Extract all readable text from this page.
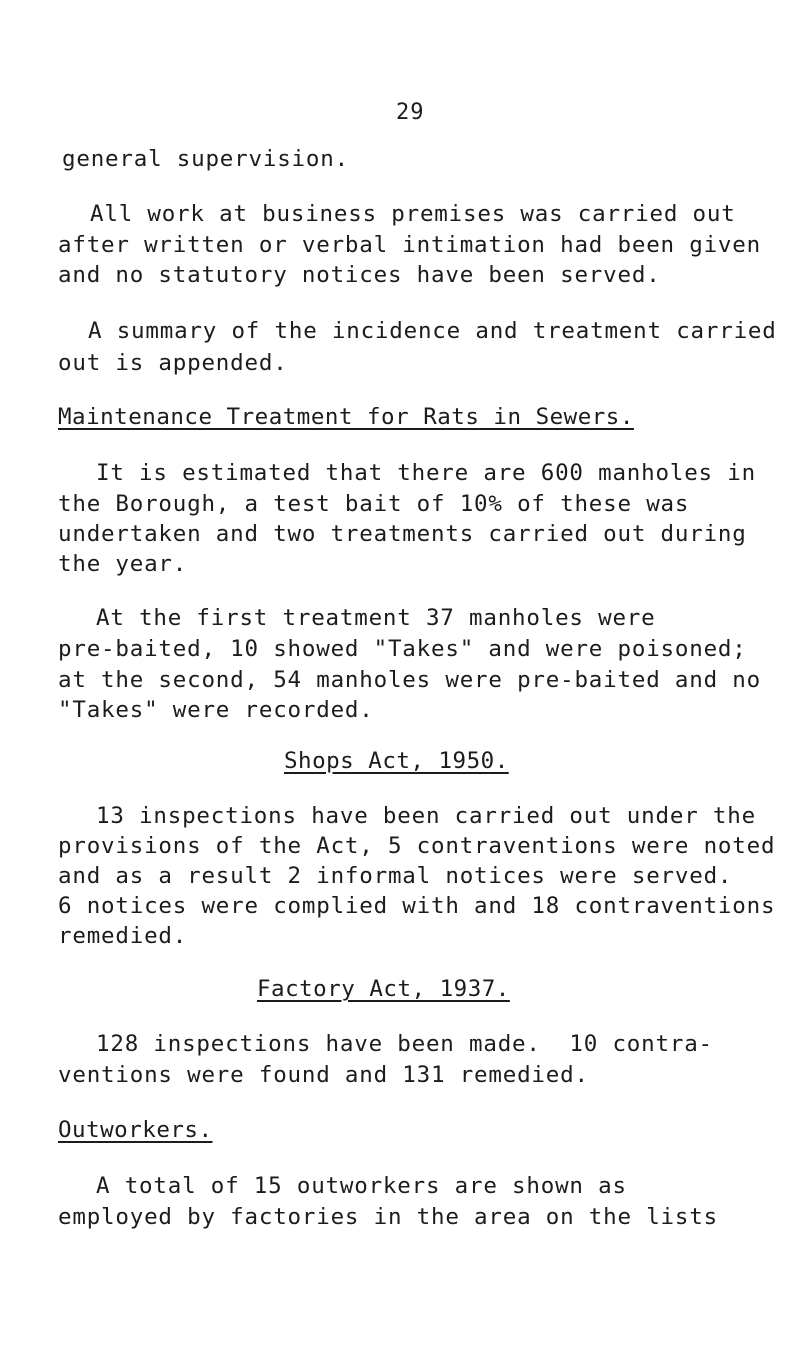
29
general supervision.
All work at business premises was carried out
after written or verbal intimation had been given
and no statutory notices have been served.
A summary of the incidence and treatment carried
out is appended.
Maintenance Treatment for Rats in Sewers.
It is estimated that there are 600 manholes in
the Borough, a test bait of 10% of these was
undertaken and two treatments carried out during
the year.
At the first treatment 37 manholes were
pre-baited, 10 showed "Takes" and were poisoned;
at the second, 54 manholes were pre-baited and no
"Takes" were recorded.
Shops Act, 1950.
13 inspections have been carried out under the
provisions of the Act, 5 contraventions were noted
and as a result 2 informal notices were served.
6 notices were complied with and 18 contraventions
remedied.
Factory Act, 1937.
128 inspections have been made.  10 contra-
ventions were found and 131 remedied.
Outworkers.
A total of 15 outworkers are shown as
employed by factories in the area on the lists
